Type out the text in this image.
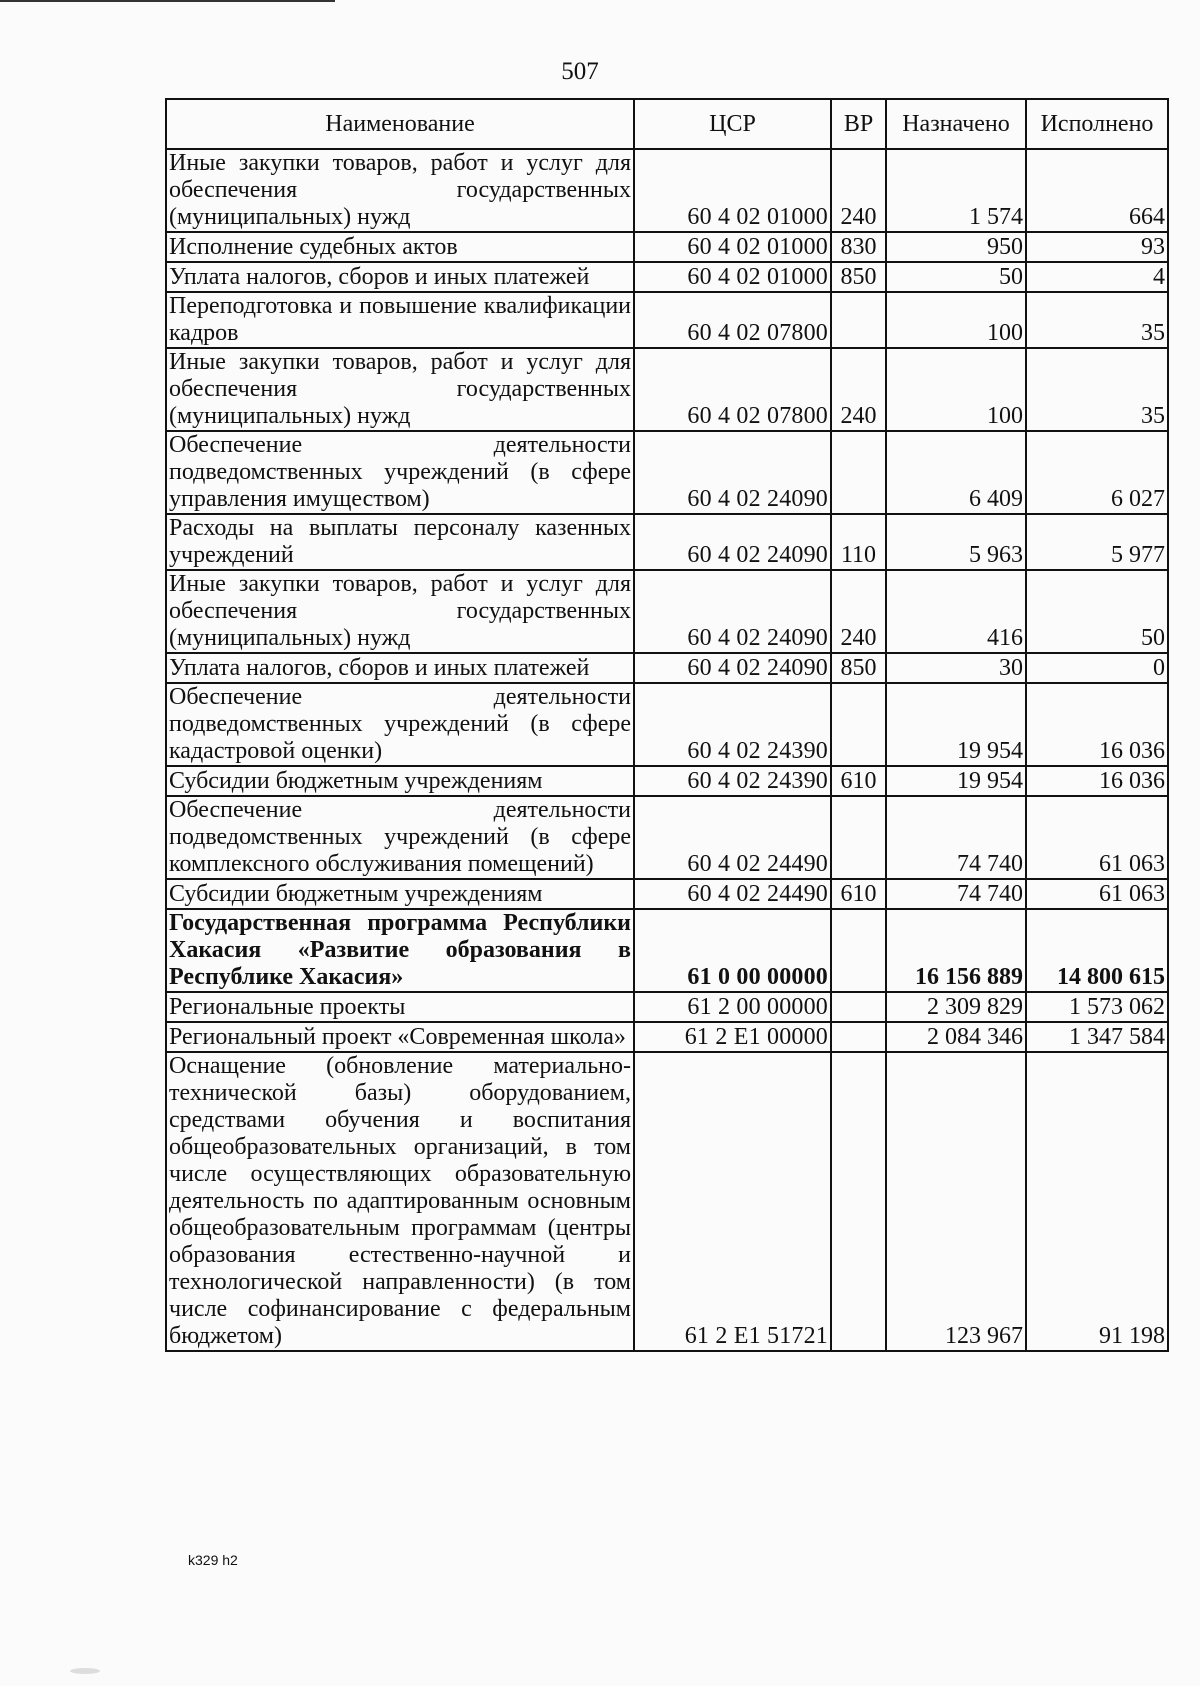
507
Наименование	ЦСР	ВР	Назначено	Исполнено
Иные закупки товаров, работ и услуг для обеспечения государственных (муниципальных) нужд	60 4 02 01000	240	1 574	664
Исполнение судебных актов	60 4 02 01000	830	950	93
Уплата налогов, сборов и иных платежей	60 4 02 01000	850	50	4
Переподготовка и повышение квалификации кадров	60 4 02 07800		100	35
Иные закупки товаров, работ и услуг для обеспечения государственных (муниципальных) нужд	60 4 02 07800	240	100	35
Обеспечение деятельности подведомственных учреждений (в сфере управления имуществом)	60 4 02 24090		6 409	6 027
Расходы на выплаты персоналу казенных учреждений	60 4 02 24090	110	5 963	5 977
Иные закупки товаров, работ и услуг для обеспечения государственных (муниципальных) нужд	60 4 02 24090	240	416	50
Уплата налогов, сборов и иных платежей	60 4 02 24090	850	30	0
Обеспечение деятельности подведомственных учреждений (в сфере кадастровой оценки)	60 4 02 24390		19 954	16 036
Субсидии бюджетным учреждениям	60 4 02 24390	610	19 954	16 036
Обеспечение деятельности подведомственных учреждений (в сфере комплексного обслуживания помещений)	60 4 02 24490		74 740	61 063
Субсидии бюджетным учреждениям	60 4 02 24490	610	74 740	61 063
Государственная программа Республики Хакасия «Развитие образования в Республике Хакасия»	61 0 00 00000		16 156 889	14 800 615
Региональные проекты	61 2 00 00000		2 309 829	1 573 062
Региональный проект «Современная школа»	61 2 E1 00000		2 084 346	1 347 584
Оснащение (обновление материально-технической базы) оборудованием, средствами обучения и воспитания общеобразовательных организаций, в том числе осуществляющих образовательную деятельность по адаптированным основным общеобразовательным программам (центры образования естественно-научной и технологической направленности) (в том числе софинансирование с федеральным бюджетом)	61 2 E1 51721		123 967	91 198
k329 h2
